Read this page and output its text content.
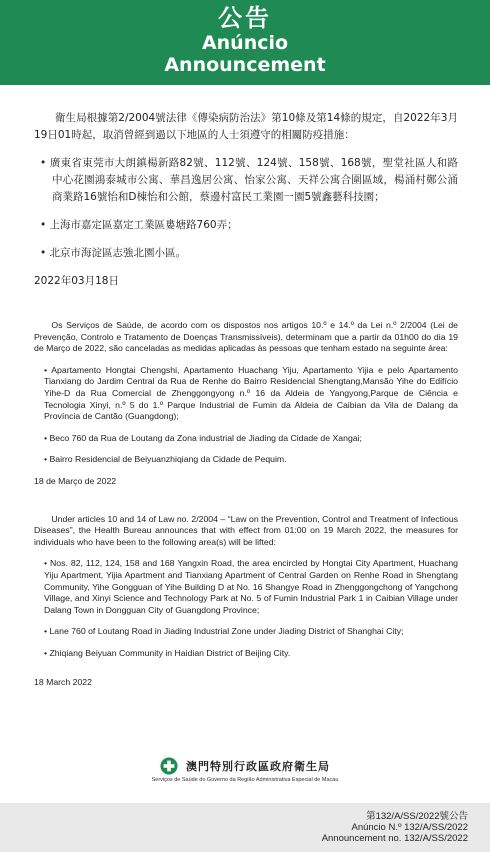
公告
Anúncio
Announcement

衛生局根據第2/2004號法律《傳染病防治法》第10條及第14條的規定，自2022年3月19日01時起，取消曾經到過以下地區的人士須遵守的相關防疫措施：

• 廣東省東莞市大朗鎮楊新路82號、112號、124號、158號、168號，聖堂社區人和路中心花園鴻泰城市公寓、華昌逸居公寓、怡家公寓、天祥公寓合圍區域，楊涌村鄭公涌商業路16號怡和D棟怡和公館，蔡邊村富民工業園一園5號鑫藝科技園；

• 上海市嘉定區嘉定工業區婁塘路760弄；

• 北京市海淀區志強北園小區。

2022年03月18日

Os Serviços de Saúde, de acordo com os dispostos nos artigos 10.º e 14.º da Lei n.º 2/2004 (Lei de Prevenção, Controlo e Tratamento de Doenças Transmissíveis), determinam que a partir da 01h00 do dia 19 de Março de 2022, são canceladas as medidas aplicadas às pessoas que tenham estado na seguinte área:

• Apartamento Hongtai Chengshi, Apartamento Huachang Yiju, Apartamento Yijia e pelo Apartamento Tianxiang do Jardim Central da Rua de Renhe do Bairro Residencial Shengtang,Mansão Yihe do Edifício Yihe-D da Rua Comercial de Zhenggongyong n.º 16 da Aldeia de Yangyong,Parque de Ciência e Tecnologia Xinyi, n.º 5 do 1.º Parque Industrial de Fumin da Aldeia de Caibian da Vila de Dalang da Província de Cantão (Guangdong);

• Beco 760 da Rua de Loutang da Zona industrial de Jiading da Cidade de Xangai;

• Bairro Residencial de Beiyuanzhiqiang da Cidade de Pequim.

18 de Março de 2022

Under articles 10 and 14 of Law no. 2/2004 – “Law on the Prevention, Control and Treatment of Infectious Diseases”, the Health Bureau announces that with effect from 01:00 on 19 March 2022, the measures for individuals who have been to the following area(s) will be lifted:

• Nos. 82, 112, 124, 158 and 168 Yangxin Road, the area encircled by Hongtai City Apartment, Huachang Yiju Apartment, Yijia Apartment and Tianxiang Apartment of Central Garden on Renhe Road in Shengtang Community, Yihe Gongguan of Yihe Building D at No. 16 Shangye Road in Zhenggongchong of Yangchong Village, and Xinyi Science and Technology Park at No. 5 of Fumin Industrial Park 1 in Caibian Village under Dalang Town in Dongguan City of Guangdong Province;

• Lane 760 of Loutang Road in Jiading Industrial Zone under Jiading District of Shanghai City;

• Zhiqiang Beiyuan Community in Haidian District of Beijing City.

18 March 2022
澳門特別行政區政府衛生局
Serviços de Saúde do Governo da Região Administrativa Especial de Macau
第132/A/SS/2022號公告
Anúncio N.º 132/A/SS/2022
Announcement no. 132/A/SS/2022
